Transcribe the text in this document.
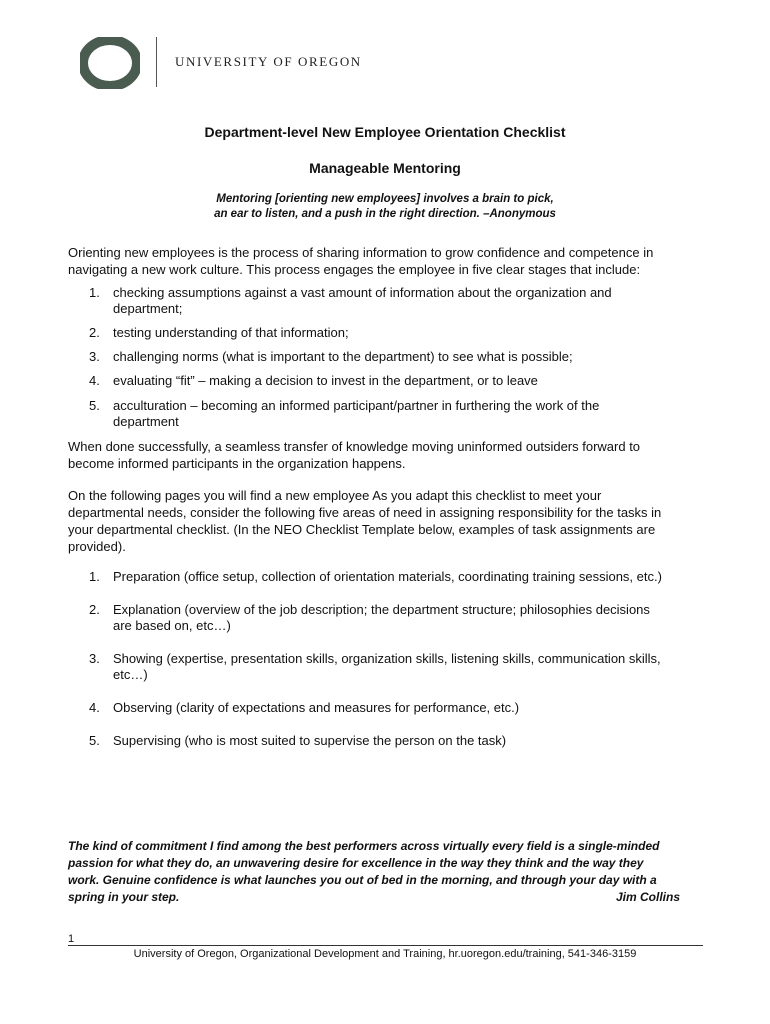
UNIVERSITY OF OREGON
Department-level New Employee Orientation Checklist
Manageable Mentoring
Mentoring [orienting new employees] involves a brain to pick,
an ear to listen, and a push in the right direction. –Anonymous
Orienting new employees is the process of sharing information to grow confidence and competence in
navigating a new work culture. This process engages the employee in five clear stages that include:
1. checking assumptions against a vast amount of information about the organization and
department;
2. testing understanding of that information;
3. challenging norms (what is important to the department) to see what is possible;
4. evaluating “fit” – making a decision to invest in the department, or to leave
5. acculturation – becoming an informed participant/partner in furthering the work of the
department
When done successfully, a seamless transfer of knowledge moving uninformed outsiders forward to
become informed participants in the organization happens.
On the following pages you will find a new employee As you adapt this checklist to meet your
departmental needs, consider the following five areas of need in assigning responsibility for the tasks in
your departmental checklist. (In the NEO Checklist Template below, examples of task assignments are
provided).
1. Preparation (office setup, collection of orientation materials, coordinating training sessions, etc.)
2. Explanation (overview of the job description; the department structure; philosophies decisions
are based on, etc…)
3. Showing (expertise, presentation skills, organization skills, listening skills, communication skills,
etc…)
4. Observing (clarity of expectations and measures for performance, etc.)
5. Supervising (who is most suited to supervise the person on the task)
The kind of commitment I find among the best performers across virtually every field is a single-minded
passion for what they do, an unwavering desire for excellence in the way they think and the way they
work. Genuine confidence is what launches you out of bed in the morning, and through your day with a
spring in your step.	Jim Collins
1
University of Oregon, Organizational Development and Training, hr.uoregon.edu/training, 541-346-3159
